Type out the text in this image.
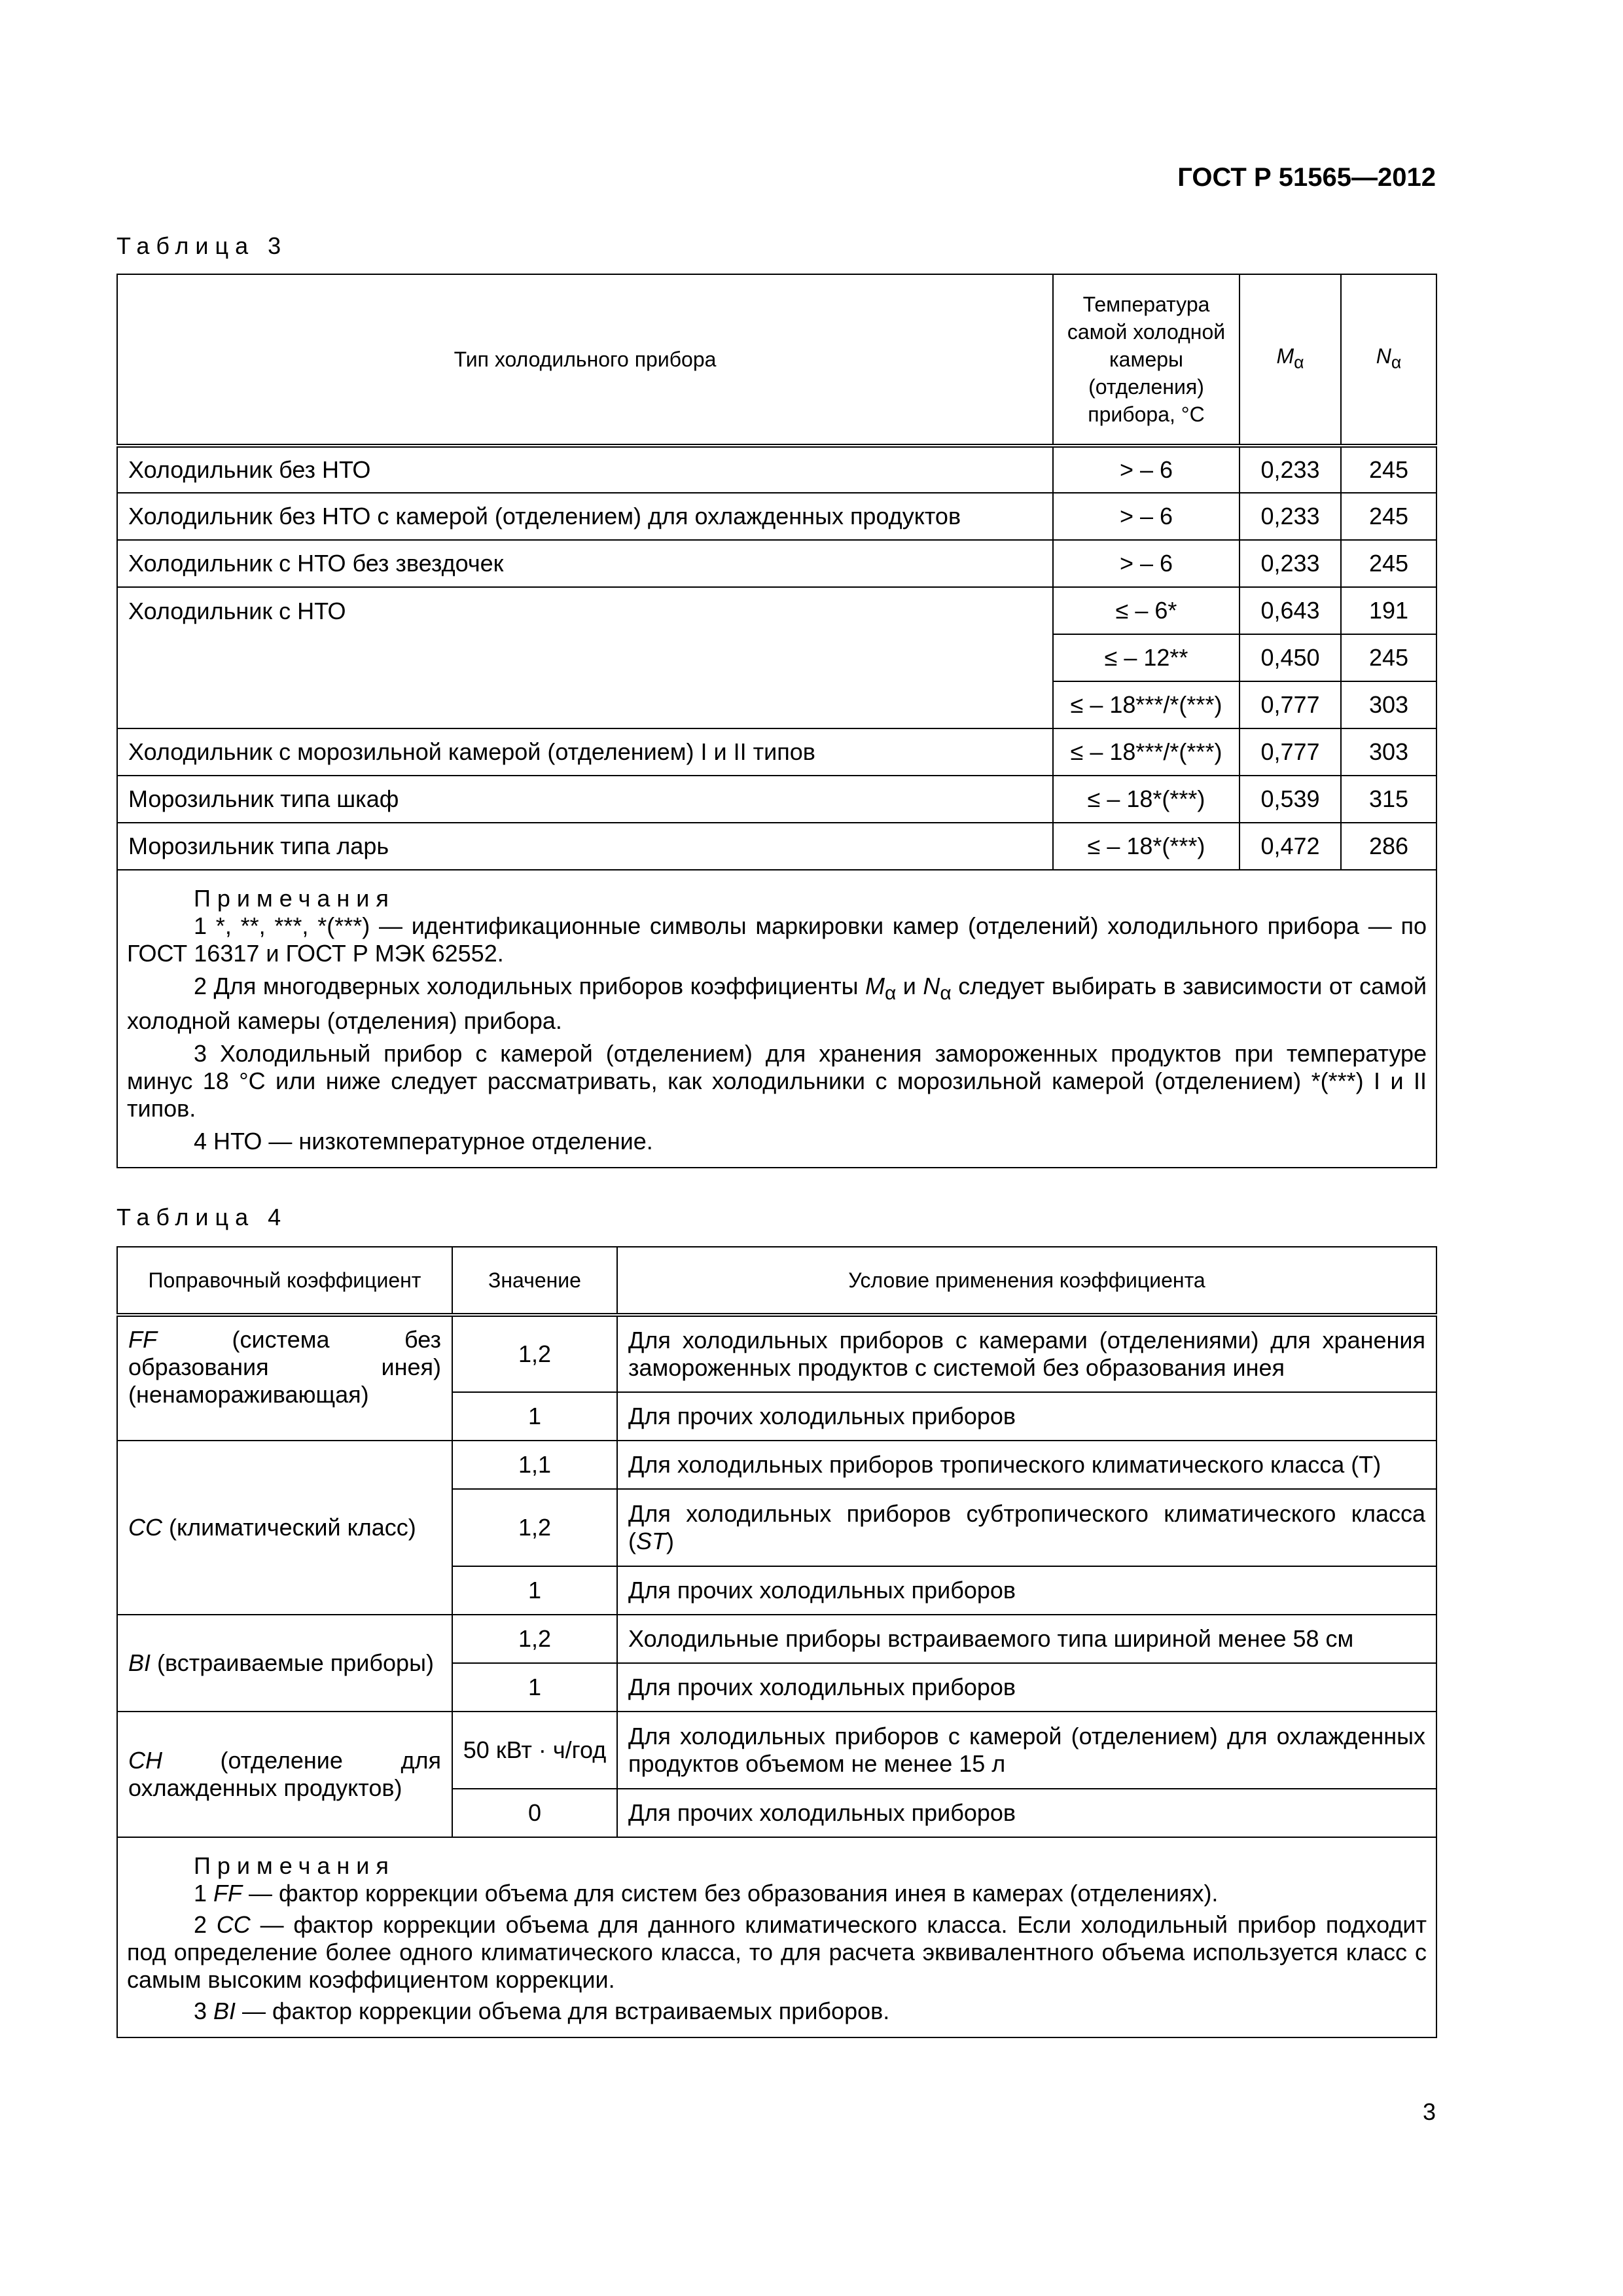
ГОСТ Р 51565—2012
Таблица 3
Тип холодильного прибора	Температура самой холодной камеры (отделения) прибора, °С	$M_\alpha$	$N_\alpha$
Холодильник без НТО	> – 6	0,233	245
Холодильник без НТО с камерой (отделением) для охлажденных продуктов	> – 6	0,233	245
Холодильник с НТО без звездочек	> – 6	0,233	245
Холодильник с НТО	≤ – 6*	0,643	191
	≤ – 12**	0,450	245
	≤ – 18***/*(***)	0,777	303
Холодильник с морозильной камерой (отделением) I и II типов	≤ – 18***/*(***)	0,777	303
Морозильник типа шкаф	≤ – 18*(***)	0,539	315
Морозильник типа ларь	≤ – 18*(***)	0,472	286

Примечания

1 *, **, ***, *(***) — идентификационные символы маркировки камер (отделений) холодильного прибора — по ГОСТ 16317 и ГОСТ Р МЭК 62552.

2 Для многодверных холодильных приборов коэффициенты $M_\alpha$ и $N_\alpha$ следует выбирать в зависимости от самой холодной камеры (отделения) прибора.

3 Холодильный прибор с камерой (отделением) для хранения замороженных продуктов при температуре минус 18 °С или ниже следует рассматривать, как холодильники с морозильной камерой (отделением) *(***) I и II типов.

4 НТО — низкотемпературное отделение.			

Таблица 4
Поправочный коэффициент	Значение	Условие применения коэффициента
FF (система без образования инея) (ненамораживающая)	1,2	Для холодильных приборов с камерами (отделениями) для хранения замороженных продуктов с системой без образования инея
	1	Для прочих холодильных приборов
CC (климатический класс)	1,1	Для холодильных приборов тропического климатического класса (Т)
	1,2	Для холодильных приборов субтропического климатического класса (ST)
	1	Для прочих холодильных приборов
BI (встраиваемые приборы)	1,2	Холодильные приборы встраиваемого типа шириной менее 58 см
	1	Для прочих холодильных приборов
CH (отделение для охлажденных продуктов)	50 кВт · ч/год	Для холодильных приборов с камерой (отделением) для охлажденных продуктов объемом не менее 15 л
	0	Для прочих холодильных приборов

Примечания

1 FF — фактор коррекции объема для систем без образования инея в камерах (отделениях).

2 CC — фактор коррекции объема для данного климатического класса. Если холодильный прибор подходит под определение более одного климатического класса, то для расчета эквивалентного объема используется класс с самым высоким коэффициентом коррекции.

3 BI — фактор коррекции объема для встраиваемых приборов.		

3
